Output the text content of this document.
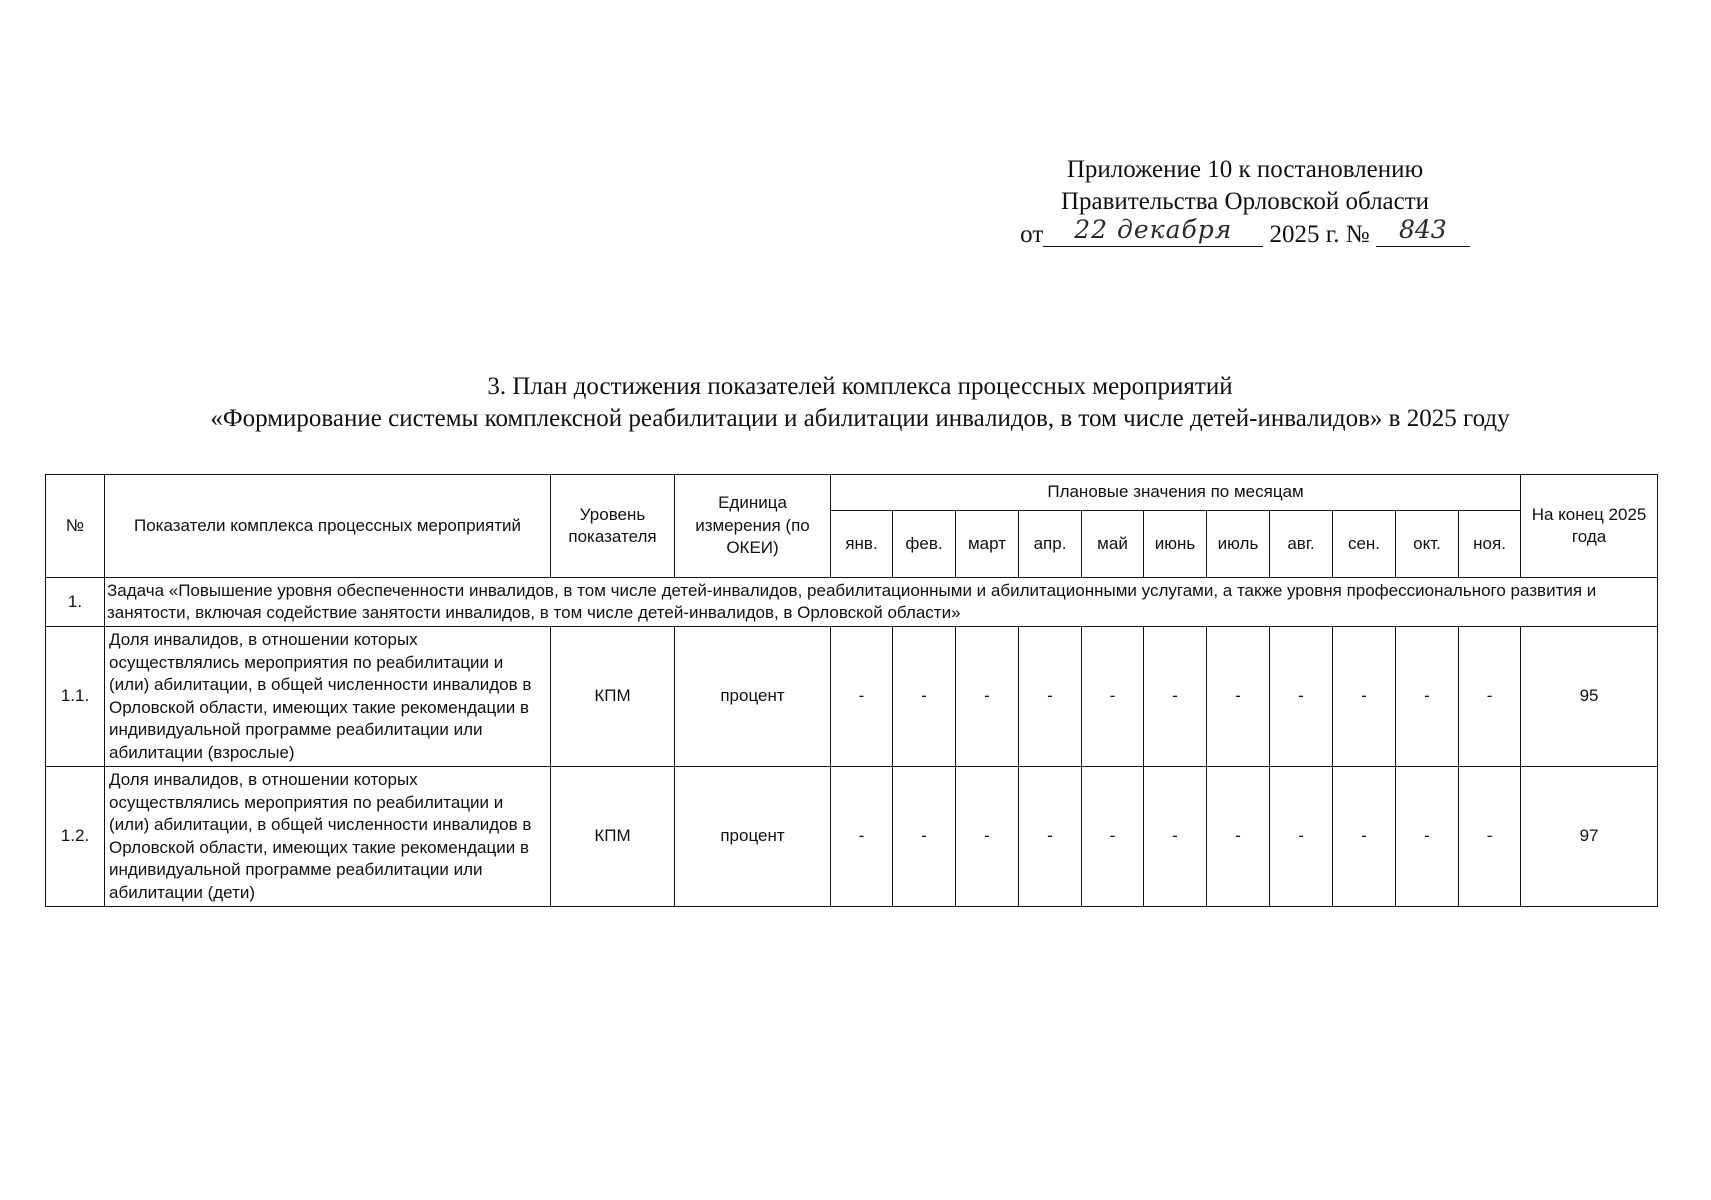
Приложение 10 к постановлению
Правительства Орловской области
от 22 декабря 2025 г. № 843
3. План достижения показателей комплекса процессных мероприятий
«Формирование системы комплексной реабилитации и абилитации инвалидов, в том числе детей-инвалидов» в 2025 году
№	Показатели комплекса процессных мероприятий	Уровень показателя	Единица измерения (по ОКЕИ)	Плановые значения по месяцам											На конец 2025 года
				янв.	фев.	март	апр.	май	июнь	июль	авг.	сен.	окт.	ноя.	
1.	Задача «Повышение уровня обеспеченности инвалидов, в том числе детей-инвалидов, реабилитационными и абилитационными услугами, а также уровня профессионального развития и занятости, включая содействие занятости инвалидов, в том числе детей-инвалидов, в Орловской области»														
1.1.	Доля инвалидов, в отношении которых осуществлялись мероприятия по реабилитации и (или) абилитации, в общей численности инвалидов в Орловской области, имеющих такие рекомендации в индивидуальной программе реабилитации или абилитации (взрослые)	КПМ	процент	-	-	-	-	-	-	-	-	-	-	-	95
1.2.	Доля инвалидов, в отношении которых осуществлялись мероприятия по реабилитации и (или) абилитации, в общей численности инвалидов в Орловской области, имеющих такие рекомендации в индивидуальной программе реабилитации или абилитации (дети)	КПМ	процент	-	-	-	-	-	-	-	-	-	-	-	97
